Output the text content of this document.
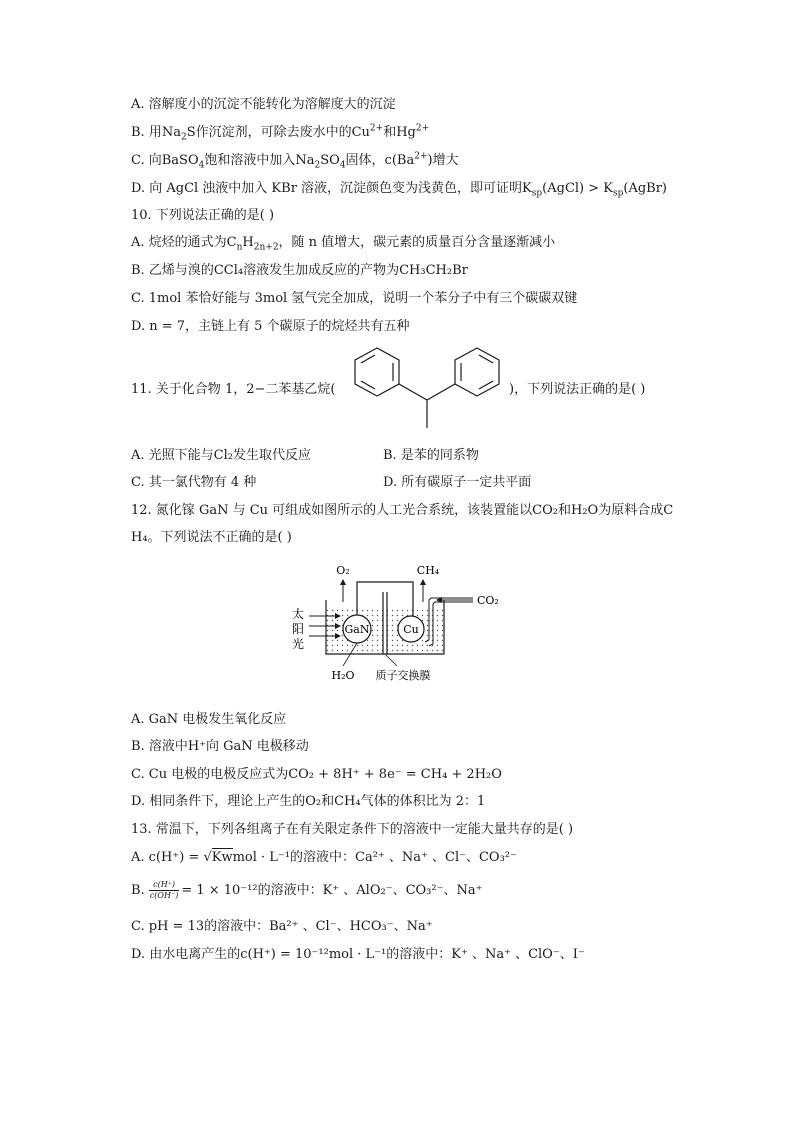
A. 溶解度小的沉淀不能转化为溶解度大的沉淀
B. 用$Na_2S$作沉淀剂，可除去废水中的$Cu^{2+}$和$Hg^{2+}$
C. 向BaSO$_4$饱和溶液中加入$Na_2SO_4$固体，$c(Ba^{2+})$增大
D. 向 AgCl 浊液中加入 KBr 溶液，沉淀颜色变为浅黄色，即可证明$K_{sp}(AgCl)$ > $K_{sp}(AgBr)$
10. 下列说法正确的是( )
A. 烷烃的通式为$C_nH_{2n+2}$，随 n 值增大，碳元素的质量百分含量逐渐减小
B. 乙烯与溴的CCl₄溶液发生加成反应的产物为CH₃CH₂Br
C. 1mol 苯恰好能与 3mol 氢气完全加成，说明一个苯分子中有三个碳碳双键
D. n = 7，主链上有 5 个碳原子的烷烃共有五种
11. 关于化合物 1，2−二苯基乙烷(	)，下列说法正确的是( )
A. 光照下能与Cl₂发生取代反应	B. 是苯的同系物
C. 其一氯代物有 4 种	D. 所有碳原子一定共平面
12. 氮化镓 GaN 与 Cu 可组成如图所示的人工光合系统，该装置能以CO₂和H₂O为原料合成C
H₄。下列说法不正确的是( )
GaN	Cu
O₂	CH₄
CO₂
太
阳
光
H₂O 质子交换膜
A. GaN 电极发生氧化反应
B. 溶液中H⁺向 GaN 电极移动
C. Cu 电极的电极反应式为CO₂ + 8H⁺ + 8e⁻ = CH₄ + 2H₂O
D. 相同条件下，理论上产生的O₂和CH₄气体的体积比为 2：1
13. 常温下，下列各组离子在有关限定条件下的溶液中一定能大量共存的是( )
A. c(H⁺) = √Kwmol · L⁻¹的溶液中：Ca²⁺ 、Na⁺ 、Cl⁻、CO₃²⁻
B. $\frac{c(H^+)}{c(OH^-)} = 1 \times 10^{-12}$的溶液中：K⁺ 、AlO₂⁻、CO₃²⁻、Na⁺
C. pH = 13的溶液中：Ba²⁺ 、Cl⁻、HCO₃⁻、Na⁺
D. 由水电离产生的c(H⁺) = 10⁻¹²mol · L⁻¹的溶液中：K⁺ 、Na⁺ 、ClO⁻、I⁻
